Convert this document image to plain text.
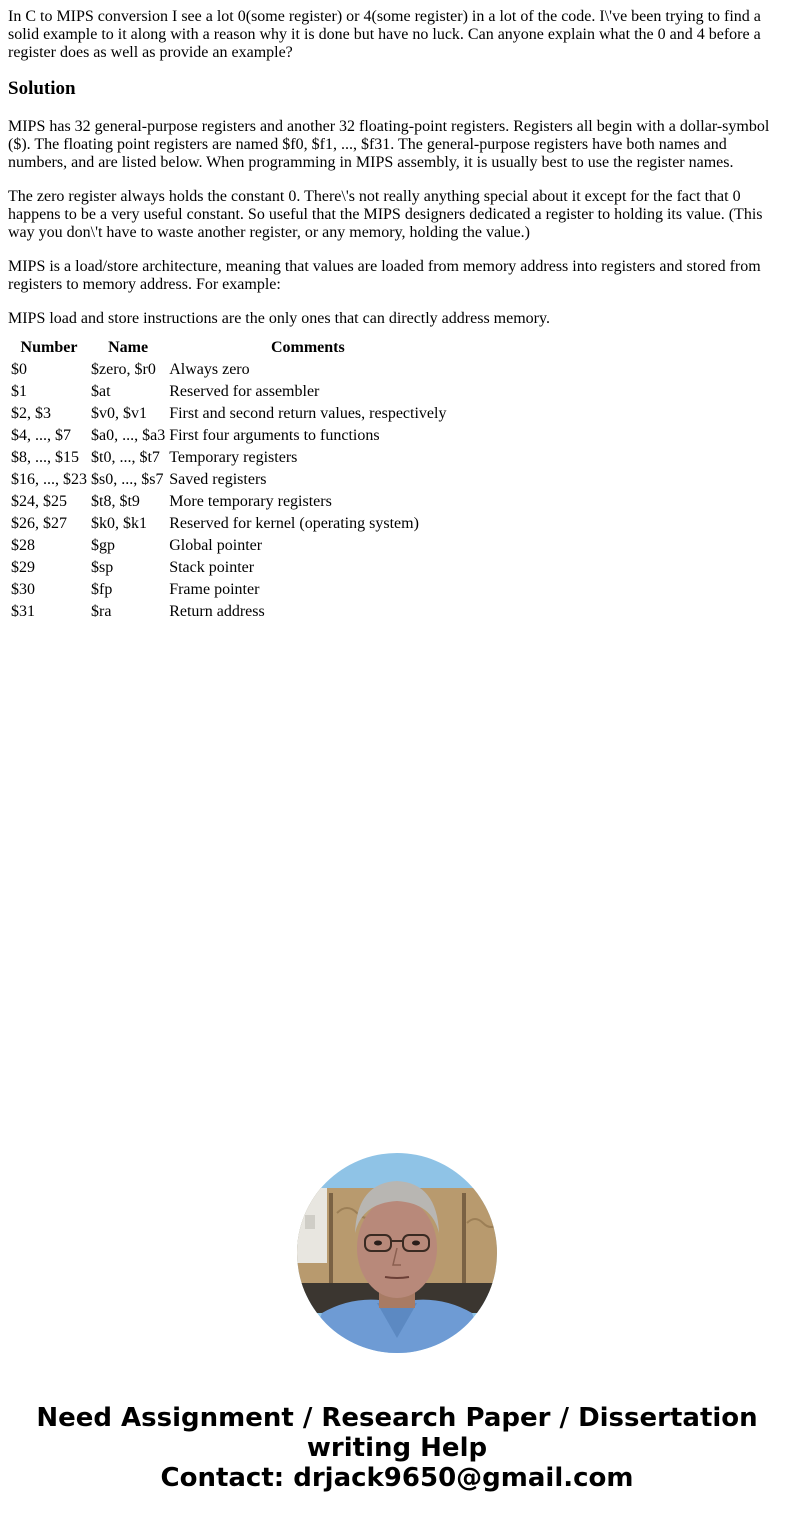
In C to MIPS conversion I see a lot 0(some register) or 4(some register) in a lot of the code. I\'ve been trying to find a solid example to it along with a reason why it is done but have no luck. Can anyone explain what the 0 and 4 before a register does as well as provide an example?

Solution

MIPS has 32 general-purpose registers and another 32 floating-point registers. Registers all begin with a dollar-symbol ($). The floating point registers are named $f0, $f1, ..., $f31. The general-purpose registers have both names and numbers, and are listed below. When programming in MIPS assembly, it is usually best to use the register names.

The zero register always holds the constant 0. There\'s not really anything special about it except for the fact that 0 happens to be a very useful constant. So useful that the MIPS designers dedicated a register to holding its value. (This way you don\'t have to waste another register, or any memory, holding the value.)

MIPS is a load/store architecture, meaning that values are loaded from memory address into registers and stored from registers to memory address. For example:

MIPS load and store instructions are the only ones that can directly address memory.

Number	Name	Comments
$0	$zero, $r0	Always zero
$1	$at	Reserved for assembler
$2, $3	$v0, $v1	First and second return values, respectively
$4, ..., $7	$a0, ..., $a3	First four arguments to functions
$8, ..., $15	$t0, ..., $t7	Temporary registers
$16, ..., $23	$s0, ..., $s7	Saved registers
$24, $25	$t8, $t9	More temporary registers
$26, $27	$k0, $k1	Reserved for kernel (operating system)
$28	$gp	Global pointer
$29	$sp	Stack pointer
$30	$fp	Frame pointer
$31	$ra	Return address
Need Assignment / Research Paper / Dissertation
writing Help
Contact: drjack9650@gmail.com
